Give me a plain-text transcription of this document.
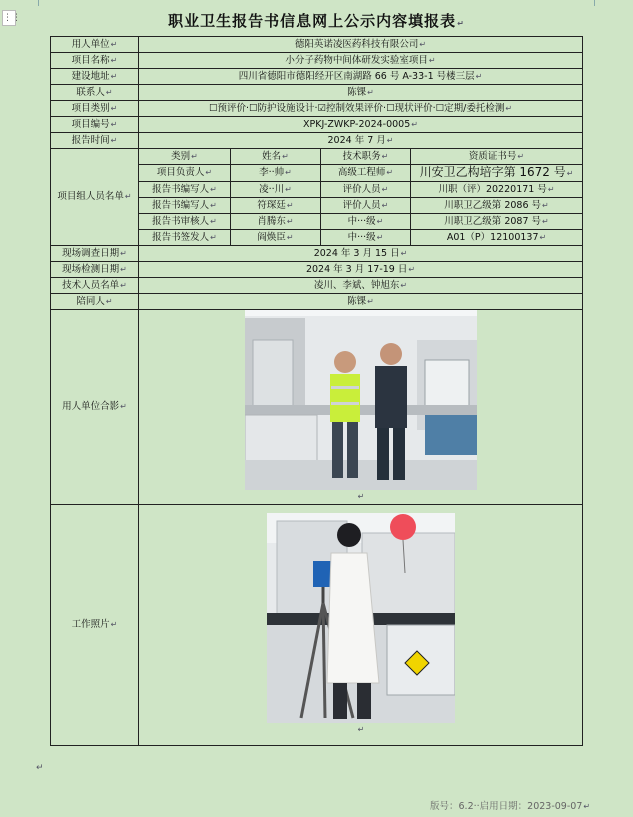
⋮⋮	职业卫生报告书信息网上公示内容填报表↵
用人单位↵	德阳英诺凌医药科技有限公司↵			
项目名称↵	小分子药物中间体研发实验室项目↵			
建设地址↵	四川省德阳市德阳经开区南湖路 66 号 A-33-1 号楼三层↵			
联系人↵	陈锞↵			
项目类别↵	☐预评价·☐防护设施设计·☑控制效果评价·☐现状评价·☐定期/委托检测↵			
项目编号↵	XPKJ-ZWKP-2024-0005↵			
报告时间↵	2024 年 7 月↵			
项目组人员名单↵	类别↵	姓名↵	技术职务↵	资质证书号↵
	项目负责人↵	李··帅↵	高级工程师↵	川安卫乙构培字第 1672 号↵
	报告书编写人↵	凌··川↵	评价人员↵	川职（评）20220171 号↵
	报告书编写人↵	符琛廷↵	评价人员↵	川职卫乙级第 2086 号↵
	报告书审核人↵	肖腾东↵	中···级↵	川职卫乙级第 2087 号↵
	报告书签发人↵	阎焕臣↵	中···级↵	A01（P）12100137↵
现场调查日期↵	2024 年 3 月 15 日↵			
现场检测日期↵	2024 年 3 月 17-19 日↵			
技术人员名单↵	凌川、李斌、钟旭东↵			
陪同人↵	陈锞↵			
用人单位合影↵	↵			
工作照片↵	↵			
↵
版号：6.2··启用日期：2023-09-07↵
